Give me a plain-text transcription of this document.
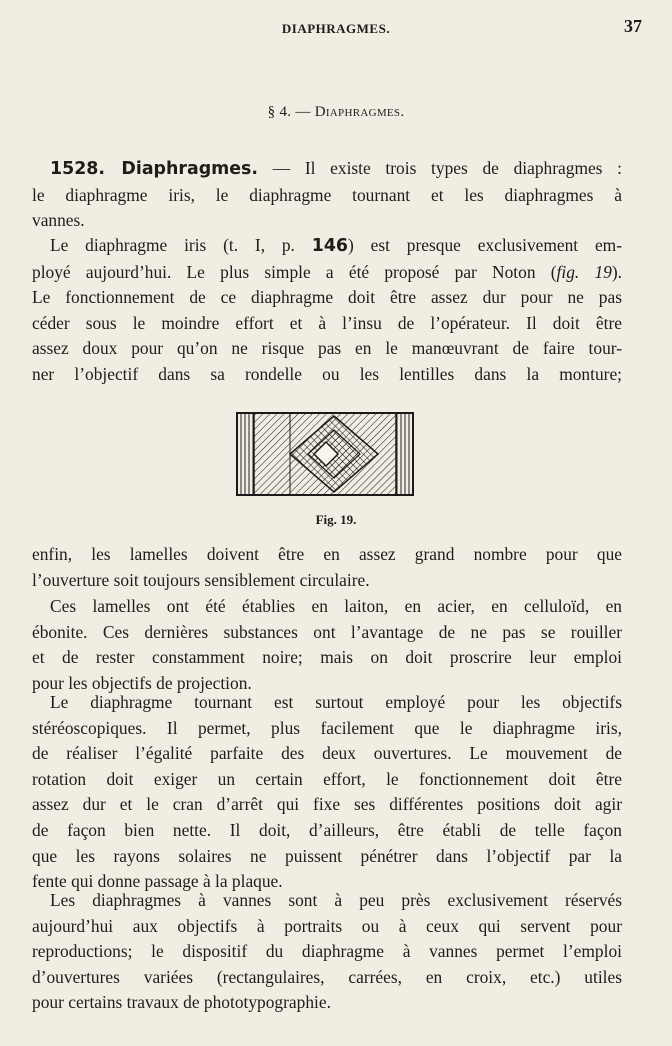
DIAPHRAGMES.	37
§ 4. — Diaphragmes.
1528. Diaphragmes. — Il existe trois types de diaphragmes :
le diaphragme iris, le diaphragme tournant et les diaphragmes à
vannes.
Le diaphragme iris (t. I, p. 146) est presque exclusivement em-
ployé aujourd’hui. Le plus simple a été proposé par Noton (fig. 19).
Le fonctionnement de ce diaphragme doit être assez dur pour ne pas
céder sous le moindre effort et à l’insu de l’opérateur. Il doit être
assez doux pour qu’on ne risque pas en le manœuvrant de faire tour-
ner l’objectif dans sa rondelle ou les lentilles dans la monture;
Fig. 19.
enfin, les lamelles doivent être en assez grand nombre pour que
l’ouverture soit toujours sensiblement circulaire.
Ces lamelles ont été établies en laiton, en acier, en celluloïd, en
ébonite. Ces dernières substances ont l’avantage de ne pas se rouiller
et de rester constamment noire; mais on doit proscrire leur emploi
pour les objectifs de projection.
Le diaphragme tournant est surtout employé pour les objectifs
stéréoscopiques. Il permet, plus facilement que le diaphragme iris,
de réaliser l’égalité parfaite des deux ouvertures. Le mouvement de
rotation doit exiger un certain effort, le fonctionnement doit être
assez dur et le cran d’arrêt qui fixe ses différentes positions doit agir
de façon bien nette. Il doit, d’ailleurs, être établi de telle façon
que les rayons solaires ne puissent pénétrer dans l’objectif par la
fente qui donne passage à la plaque.
Les diaphragmes à vannes sont à peu près exclusivement réservés
aujourd’hui aux objectifs à portraits ou à ceux qui servent pour
reproductions; le dispositif du diaphragme à vannes permet l’emploi
d’ouvertures variées (rectangulaires, carrées, en croix, etc.) utiles
pour certains travaux de phototypographie.
